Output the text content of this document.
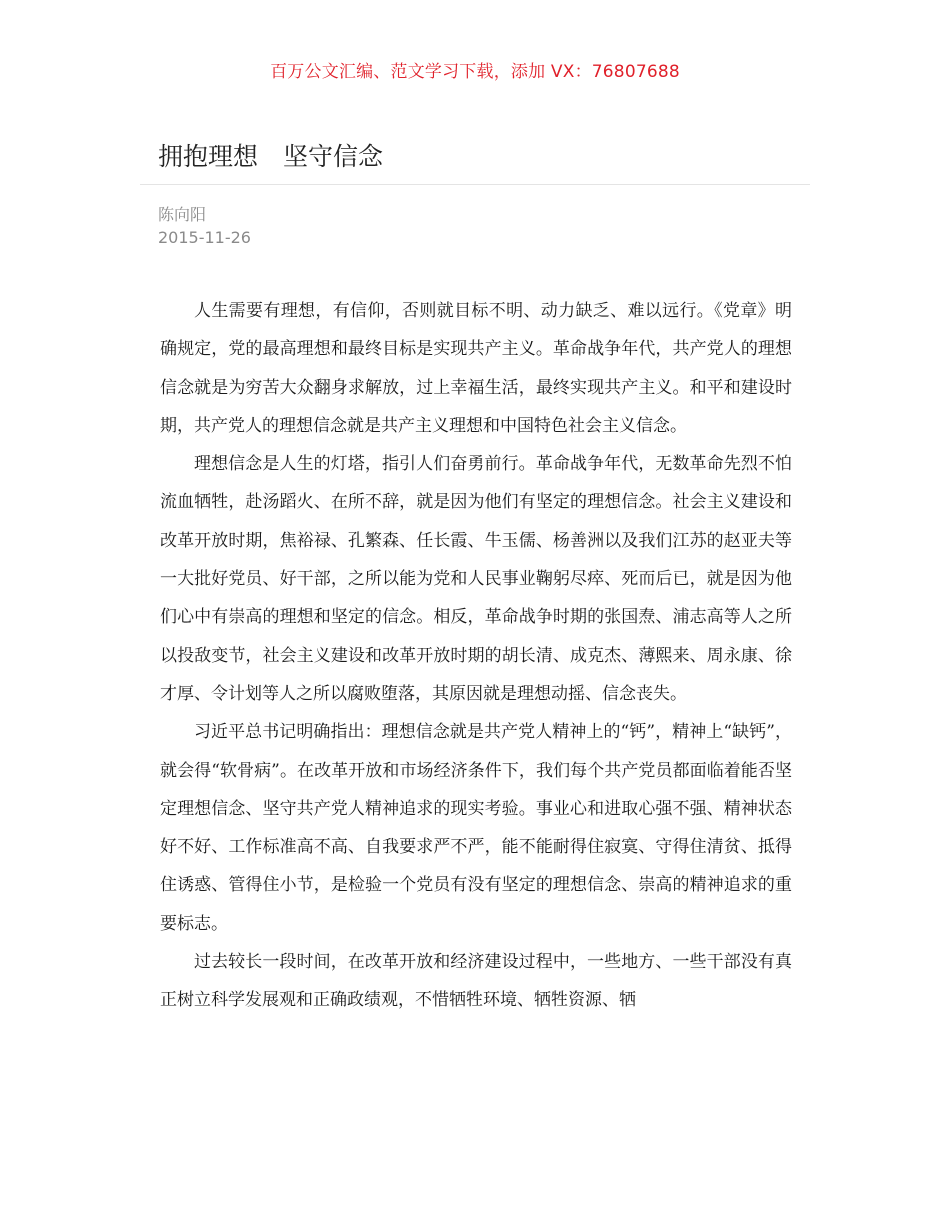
百万公文汇编、范文学习下载，添加 VX：76807688
拥抱理想　坚守信念
陈向阳
2015-11-26

人生需要有理想，有信仰，否则就目标不明、动力缺乏、难以远行。《党章》明确规定，党的最高理想和最终目标是实现共产主义。革命战争年代，共产党人的理想信念就是为穷苦大众翻身求解放，过上幸福生活，最终实现共产主义。和平和建设时期，共产党人的理想信念就是共产主义理想和中国特色社会主义信念。

理想信念是人生的灯塔，指引人们奋勇前行。革命战争年代，无数革命先烈不怕流血牺牲，赴汤蹈火、在所不辞，就是因为他们有坚定的理想信念。社会主义建设和改革开放时期，焦裕禄、孔繁森、任长霞、牛玉儒、杨善洲以及我们江苏的赵亚夫等一大批好党员、好干部，之所以能为党和人民事业鞠躬尽瘁、死而后已，就是因为他们心中有崇高的理想和坚定的信念。相反，革命战争时期的张国焘、浦志高等人之所以投敌变节，社会主义建设和改革开放时期的胡长清、成克杰、薄熙来、周永康、徐才厚、令计划等人之所以腐败堕落，其原因就是理想动摇、信念丧失。

习近平总书记明确指出：理想信念就是共产党人精神上的“钙”，精神上“缺钙”，就会得“软骨病”。在改革开放和市场经济条件下，我们每个共产党员都面临着能否坚定理想信念、坚守共产党人精神追求的现实考验。事业心和进取心强不强、精神状态好不好、工作标准高不高、自我要求严不严，能不能耐得住寂寞、守得住清贫、抵得住诱惑、管得住小节，是检验一个党员有没有坚定的理想信念、崇高的精神追求的重要标志。

过去较长一段时间，在改革开放和经济建设过程中，一些地方、一些干部没有真正树立科学发展观和正确政绩观，不惜牺牲环境、牺牲资源、牺
